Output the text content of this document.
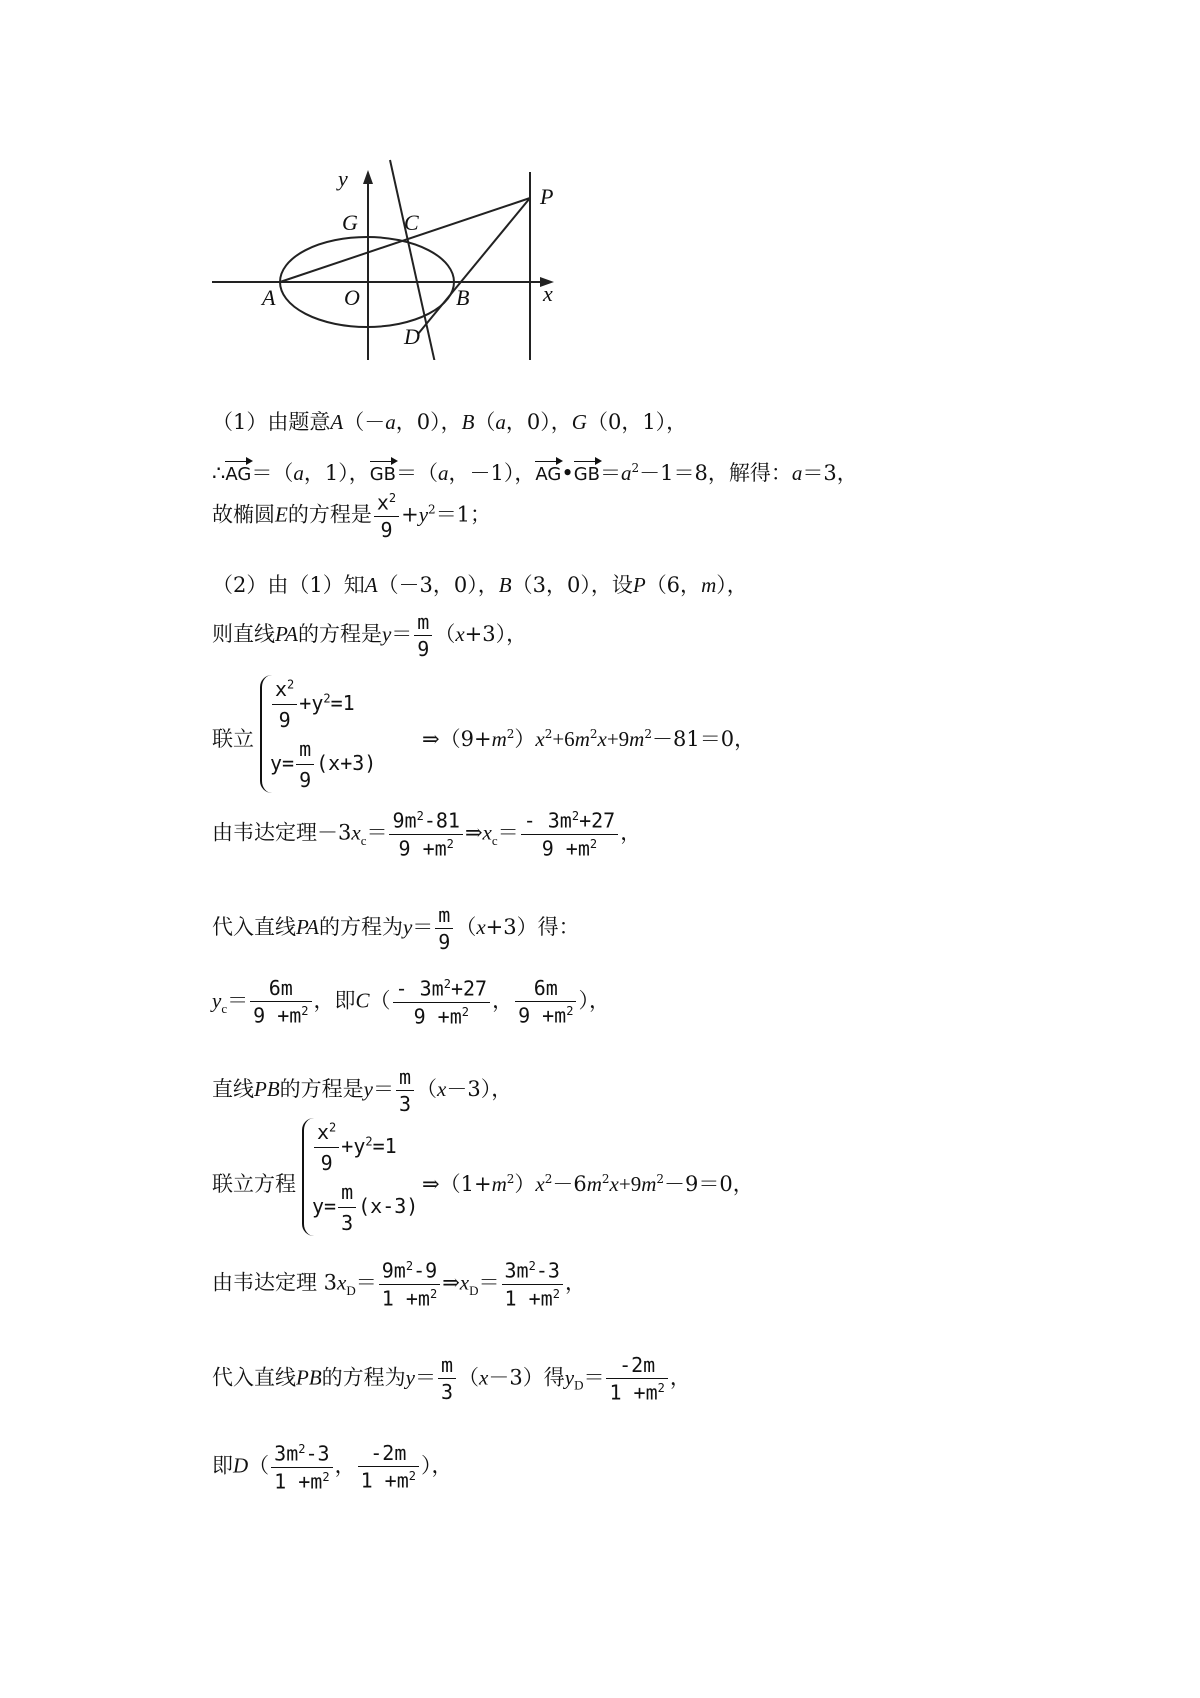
y
x
G C
P
A	O	B
D
（1）由题意A（－a，0），B（a，0），G（0，1），
∴AG＝（a，1），GB＝（a，－1），$AG•GB=a^2-1=8$，解得：a＝3，
故椭圆E的方程是 $\frac{x^2}{9} +y^2=1$；
（2）由（1）知A（－3，0），B（3，0），设P（6，m），
则直线PA的方程是$y= \frac{m}{9} (x+3)$，
联立
$\frac{x^2}{9} +y^2=1$
$y= \frac{m}{9} (x+3)$
$\Rightarrow(9+m^2)x^2+6m^2x+9m^2-81=0$，
由韦达定理$-3x_c= \frac{9m^2-81}{9 +m^2}$ $\Rightarrow x_c= \frac{- 3m^2+27}{9 +m^2}$ ，
代入直线PA的方程为$y= \frac{m}{9} (x+3)$得：
$y_c= \frac{6m}{9 +m^2}$ ，即$C( \frac{- 3m^2+27}{9 +m^2}$ ， $\frac{6m}{9 +m^2}$ ），
直线PB的方程是$y= \frac{m}{3} (x-3)$，
联立方程
$\frac{x^2}{9} +y^2=1$
$y= \frac{m}{3} (x-3)$
$\Rightarrow(1+m^2)x^2-6m^2x+9m^2-9=0$，
由韦达定理 $3x_D= \frac{9m^2-9}{1 +m^2}$ $\Rightarrow x_D= \frac{3m^2-3}{1 +m^2}$ ，
代入直线PB的方程为$y= \frac{m}{3} (x-3)$得$y_D= \frac{-2m}{1 +m^2}$ ，
即$D( \frac{3m^2-3}{1 +m^2}$ ， $\frac{-2m}{1 +m^2}$ ），
